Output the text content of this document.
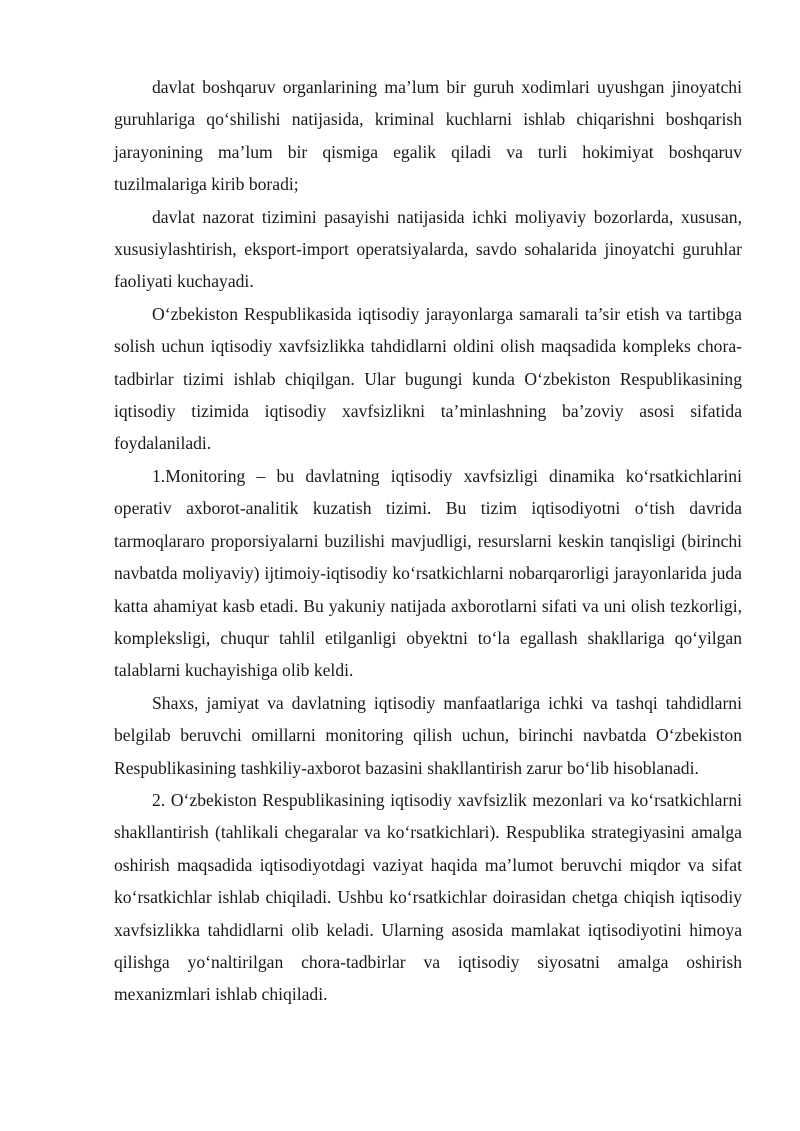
davlat boshqaruv organlarining ma’lum bir guruh xodimlari uyushgan jinoyatchi guruhlariga qo‘shilishi natijasida, kriminal kuchlarni ishlab chiqarishni boshqarish jarayonining ma’lum bir qismiga egalik qiladi va turli hokimiyat boshqaruv tuzilmalariga kirib boradi;

davlat nazorat tizimini pasayishi natijasida ichki moliyaviy bozorlarda, xususan, xususiylashtirish, eksport-import operatsiyalarda, savdo sohalarida jinoyatchi guruhlar faoliyati kuchayadi.

O‘zbekiston Respublikasida iqtisodiy jarayonlarga samarali ta’sir etish va tartibga solish uchun iqtisodiy xavfsizlikka tahdidlarni oldini olish maqsadida kompleks chora-tadbirlar tizimi ishlab chiqilgan. Ular bugungi kunda O‘zbekiston Respublikasining iqtisodiy tizimida iqtisodiy xavfsizlikni ta’minlashning ba’zoviy asosi sifatida foydalaniladi.

1.Monitoring – bu davlatning iqtisodiy xavfsizligi dinamika ko‘rsatkichlarini operativ axborot-analitik kuzatish tizimi. Bu tizim iqtisodiyotni o‘tish davrida tarmoqlararo proporsiyalarni buzilishi mavjudligi, resurslarni keskin tanqisligi (birinchi navbatda moliyaviy) ijtimoiy-iqtisodiy ko‘rsatkichlarni nobarqarorligi jarayonlarida juda katta ahamiyat kasb etadi. Bu yakuniy natijada axborotlarni sifati va uni olish tezkorligi, kompleksligi, chuqur tahlil etilganligi obyektni to‘la egallash shakllariga qo‘yilgan talablarni kuchayishiga olib keldi.

Shaxs, jamiyat va davlatning iqtisodiy manfaatlariga ichki va tashqi tahdidlarni belgilab beruvchi omillarni monitoring qilish uchun, birinchi navbatda O‘zbekiston Respublikasining tashkiliy-axborot bazasini shakllantirish zarur bo‘lib hisoblanadi.

2. O‘zbekiston Respublikasining iqtisodiy xavfsizlik mezonlari va ko‘rsatkichlarni shakllantirish (tahlikali chegaralar va ko‘rsatkichlari). Respublika strategiyasini amalga oshirish maqsadida iqtisodiyotdagi vaziyat haqida ma’lumot beruvchi miqdor va sifat ko‘rsatkichlar ishlab chiqiladi. Ushbu ko‘rsatkichlar doirasidan chetga chiqish iqtisodiy xavfsizlikka tahdidlarni olib keladi. Ularning asosida mamlakat iqtisodiyotini himoya qilishga yo‘naltirilgan chora-tadbirlar va iqtisodiy siyosatni amalga oshirish mexanizmlari ishlab chiqiladi.
